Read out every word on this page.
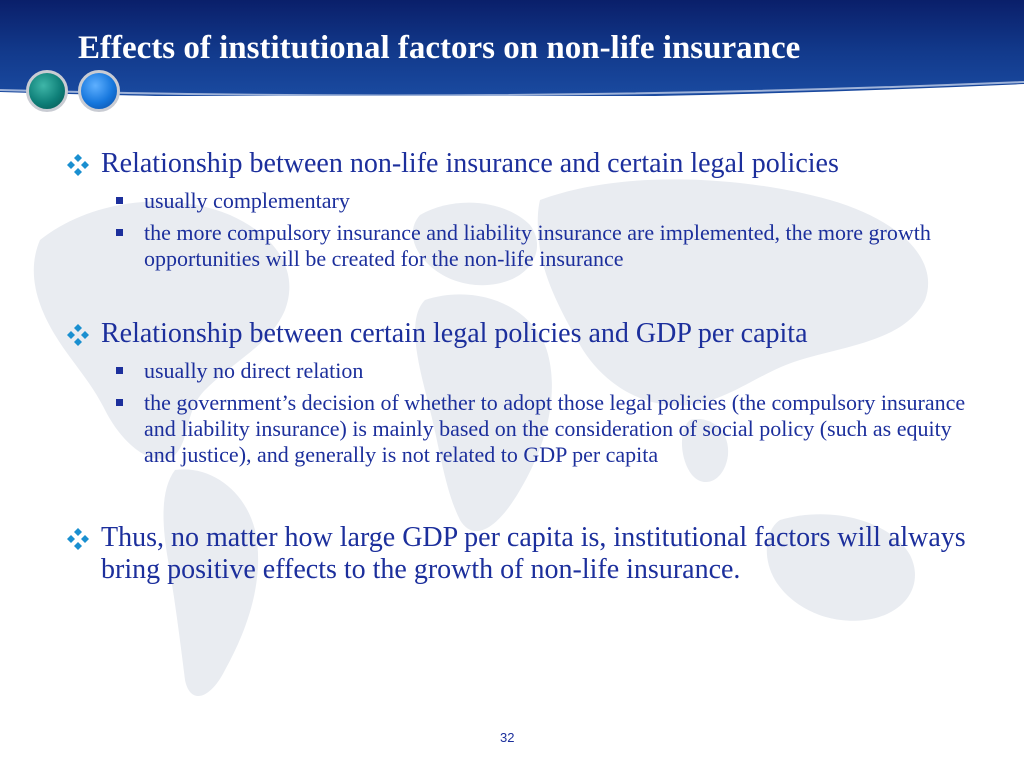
Effects of institutional factors on non-life insurance
Relationship between non-life insurance and certain legal policies
usually complementary
the more compulsory insurance and liability insurance are implemented, the more growth opportunities will be created for the non-life insurance
Relationship between certain legal policies and GDP per capita
usually no direct relation
the government’s decision of whether to adopt those legal policies (the compulsory insurance and liability insurance) is mainly based on the consideration of social policy (such as equity and justice), and generally is not related to GDP per capita
Thus, no matter how large GDP per capita is, institutional factors will always bring positive effects to the growth of non-life insurance.
32
